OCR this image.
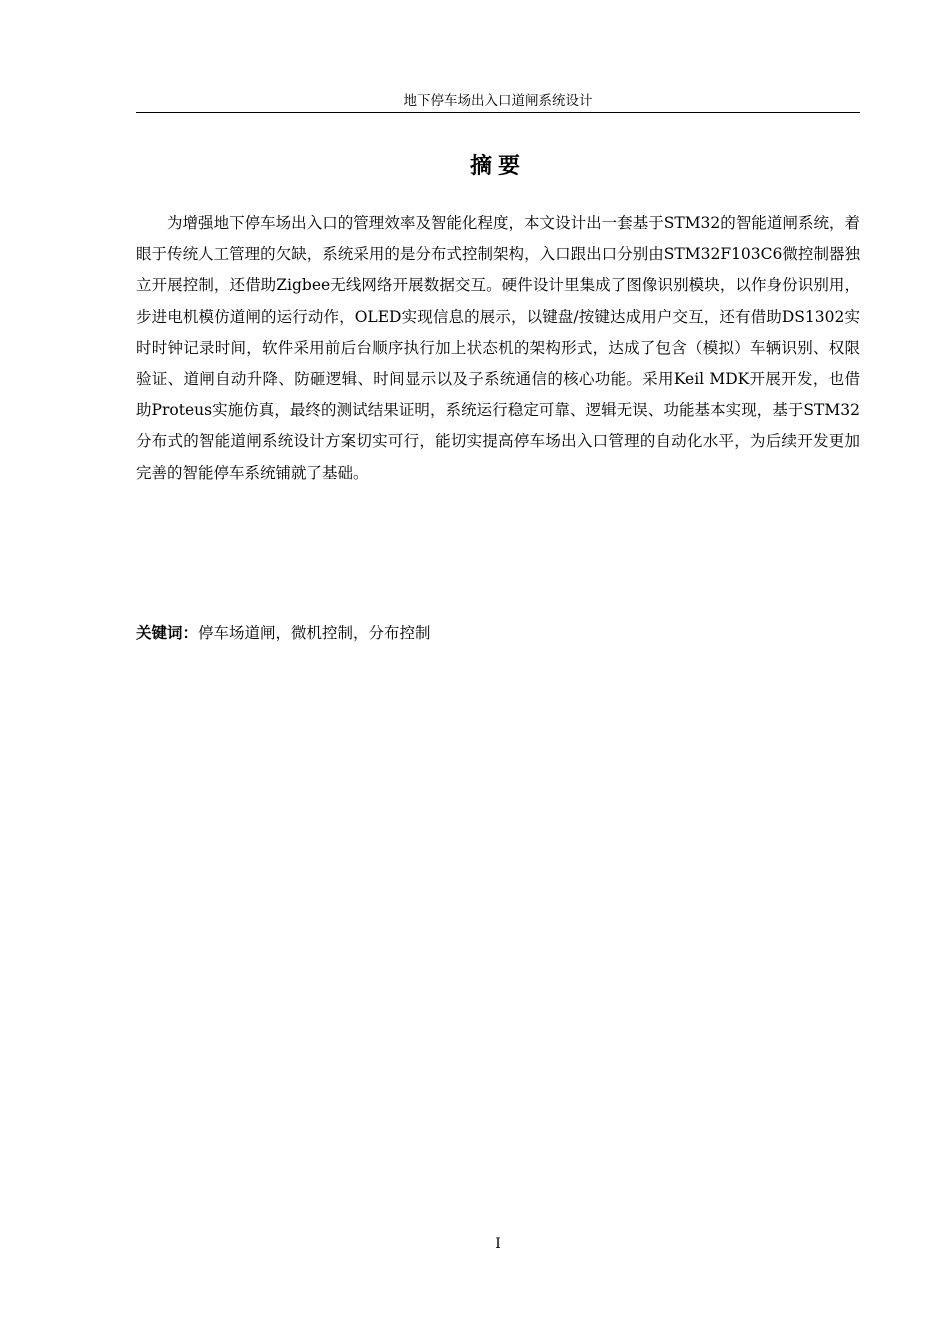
地下停车场出入口道闸系统设计
摘要

为增强地下停车场出入口的管理效率及智能化程度，本文设计出一套基于STM32的智能道闸系统，着眼于传统人工管理的欠缺，系统采用的是分布式控制架构，入口跟出口分别由STM32F103C6微控制器独立开展控制，还借助Zigbee无线网络开展数据交互。硬件设计里集成了图像识别模块，以作身份识别用，步进电机模仿道闸的运行动作，OLED实现信息的展示，以键盘/按键达成用户交互，还有借助DS1302实时时钟记录时间，软件采用前后台顺序执行加上状态机的架构形式，达成了包含（模拟）车辆识别、权限验证、道闸自动升降、防砸逻辑、时间显示以及子系统通信的核心功能。采用Keil MDK开展开发，也借助Proteus实施仿真，最终的测试结果证明，系统运行稳定可靠、逻辑无误、功能基本实现，基于STM32分布式的智能道闸系统设计方案切实可行，能切实提高停车场出入口管理的自动化水平，为后续开发更加完善的智能停车系统铺就了基础。

关键词：停车场道闸，微机控制，分布控制

I
